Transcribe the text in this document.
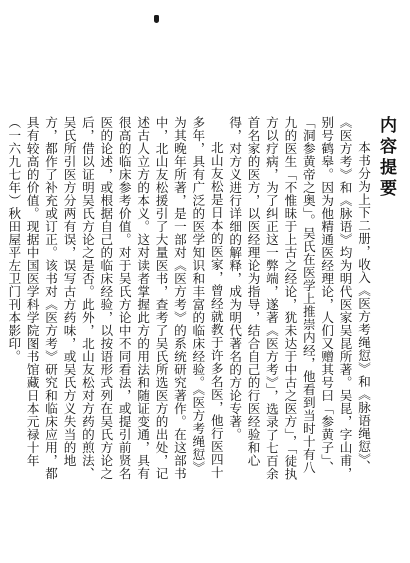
内容提要

本书分为上下二册，收入《医方考绳愆》和《脉语绳愆》、《医方考》和《脉语》均为明代医家吴昆所著。吴昆，字山甫，别号鹤皋。因为他精通医经理论，人们又赠其号曰「参黄子」、「洞参黄帝之奥」。吴氏在医学上推崇内经，他看到当时十有八九的医生「不惟昧于上古之经论，犹未达于中古之医方」，「徒执方以疗病，为了纠正这一弊端，遂著《医方考》」，选录了七百余首名家的医方，以医经理论为指导，结合自己的行医经验和心得，对方义进行详细的解释，成为明代著名的方论专著。

北山友松是日本的医家，曾经就教于许多名医，他行医四十多年，具有广泛的医学知识和丰富的临床经验。《医方考绳愆》为其晚年所著，是一部对《医方考》的系统研究著作。在这部书中，北山友松援引了大量医书，查考了吴氏所选医方的出处，记述古人立方的本义。这对读者掌握此方的用法和随证变通，具有很高的临床参考价值。对于吴氏方论中不同看法，或提引前贤名医的论述，或根据自己的临床经验，以按语形式列在吴氏方论之后，借以证明吴氏方论之是否。此外，北山友松对方药的煎法、吴氏所引医方分两有误，误写古方药味，或吴氏方义失当的地方，都作了补充或订正。该书对《医方考》研究和临床应用，都具有较高的价值。现据中国医学科学院图书馆藏日本元禄十年（一六九七年）秋田屋平左卫门刊本影印。
